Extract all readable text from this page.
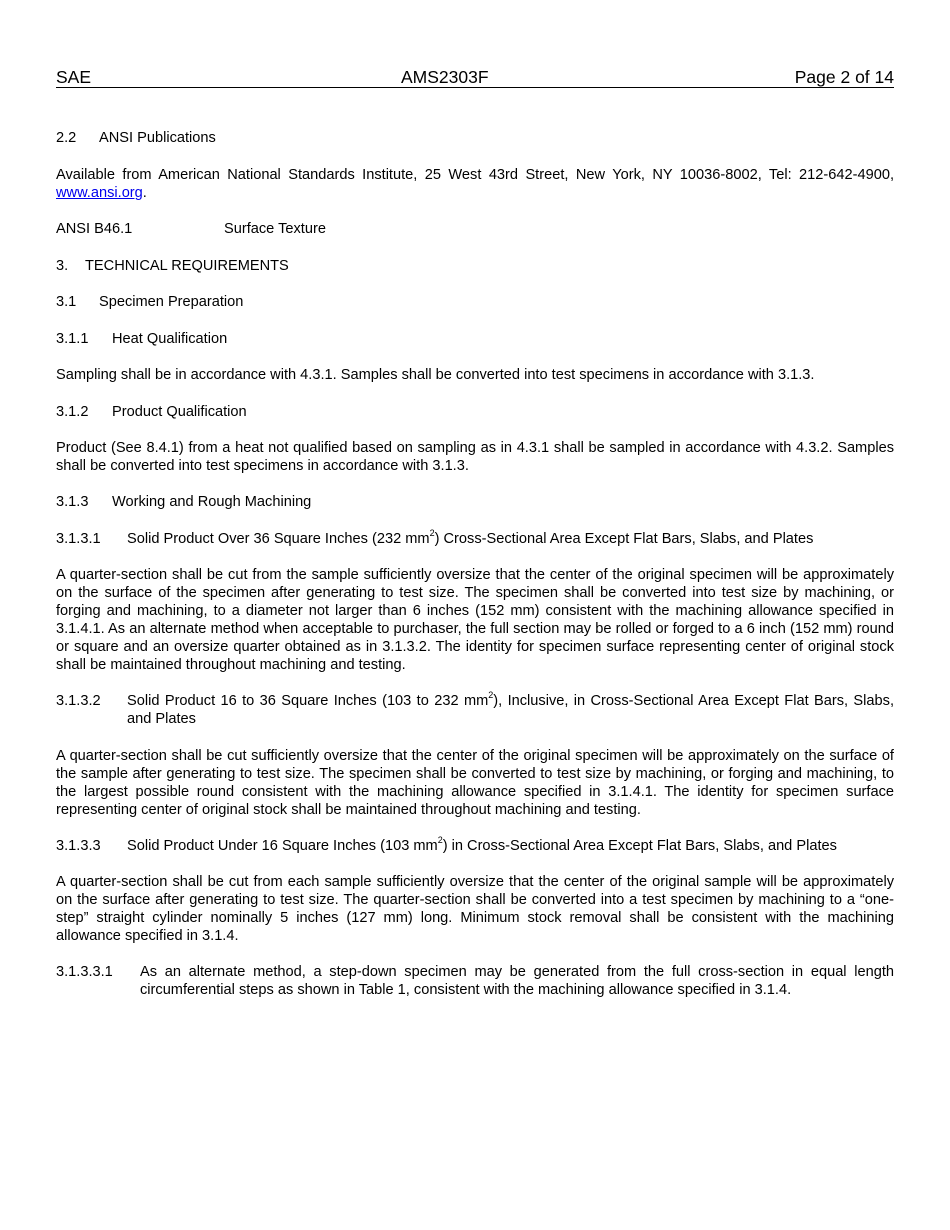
SAE	AMS2303F	Page 2 of 14
2.2 ANSI Publications
Available from American National Standards Institute, 25 West 43rd Street, New York, NY 10036-8002, Tel: 212-642-4900, www.ansi.org.
ANSI B46.1	Surface Texture
3. TECHNICAL REQUIREMENTS
3.1 Specimen Preparation
3.1.1 Heat Qualification
Sampling shall be in accordance with 4.3.1. Samples shall be converted into test specimens in accordance with 3.1.3.
3.1.2 Product Qualification
Product (See 8.4.1) from a heat not qualified based on sampling as in 4.3.1 shall be sampled in accordance with 4.3.2. Samples shall be converted into test specimens in accordance with 3.1.3.
3.1.3 Working and Rough Machining
3.1.3.1 Solid Product Over 36 Square Inches (232 $mm^2$) Cross-Sectional Area Except Flat Bars, Slabs, and Plates
A quarter-section shall be cut from the sample sufficiently oversize that the center of the original specimen will be approximately on the surface of the specimen after generating to test size. The specimen shall be converted into test size by machining, or forging and machining, to a diameter not larger than 6 inches (152 mm) consistent with the machining allowance specified in 3.1.4.1. As an alternate method when acceptable to purchaser, the full section may be rolled or forged to a 6 inch (152 mm) round or square and an oversize quarter obtained as in 3.1.3.2. The identity for specimen surface representing center of original stock shall be maintained throughout machining and testing.
3.1.3.2 Solid Product 16 to 36 Square Inches (103 to 232 $mm^2$), Inclusive, in Cross-Sectional Area Except Flat Bars, Slabs, and Plates
A quarter-section shall be cut sufficiently oversize that the center of the original specimen will be approximately on the surface of the sample after generating to test size. The specimen shall be converted to test size by machining, or forging and machining, to the largest possible round consistent with the machining allowance specified in 3.1.4.1. The identity for specimen surface representing center of original stock shall be maintained throughout machining and testing.
3.1.3.3 Solid Product Under 16 Square Inches (103 $mm^2$) in Cross-Sectional Area Except Flat Bars, Slabs, and Plates
A quarter-section shall be cut from each sample sufficiently oversize that the center of the original sample will be approximately on the surface after generating to test size. The quarter-section shall be converted into a test specimen by machining to a “one-step” straight cylinder nominally 5 inches (127 mm) long. Minimum stock removal shall be consistent with the machining allowance specified in 3.1.4.
3.1.3.3.1 As an alternate method, a step-down specimen may be generated from the full cross-section in equal length circumferential steps as shown in Table 1, consistent with the machining allowance specified in 3.1.4.
